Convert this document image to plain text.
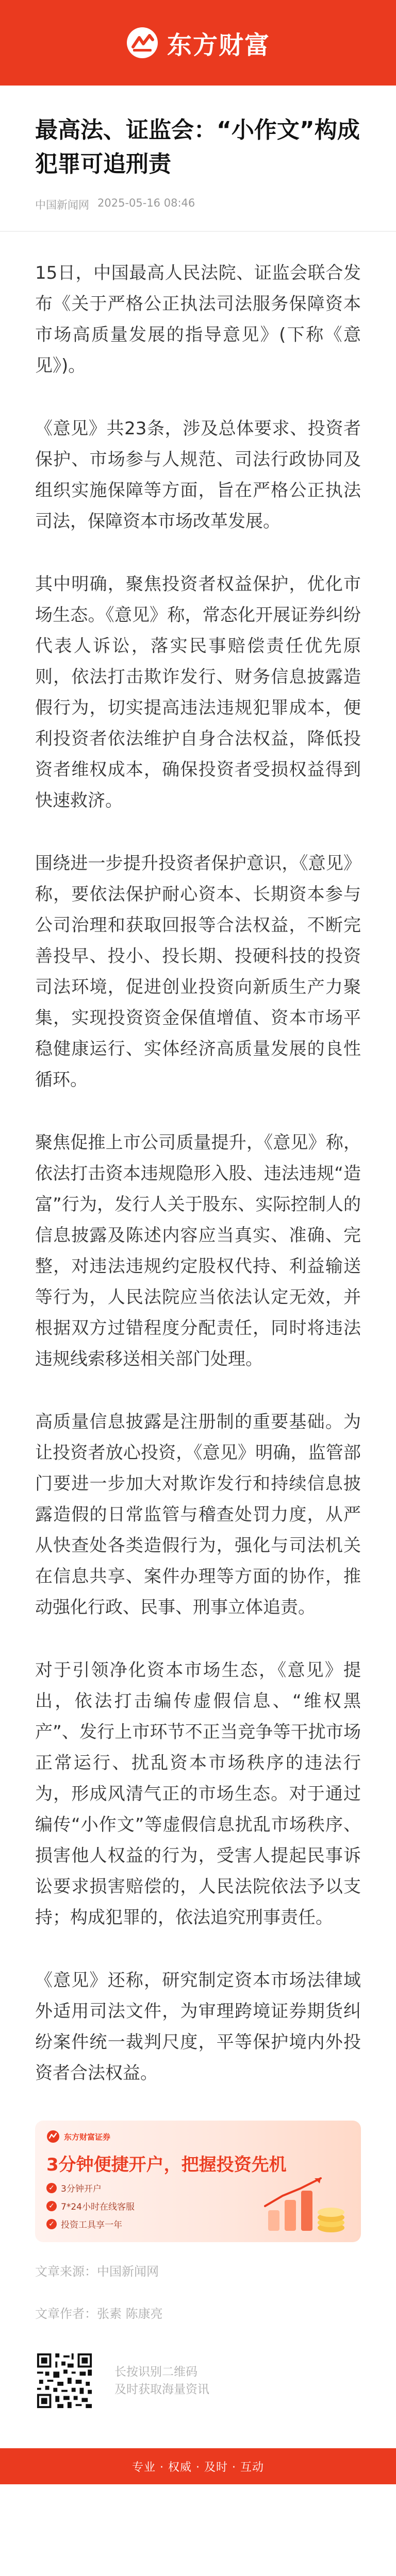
东方财富
最高法、证监会：“小作文”构成犯罪可追刑责
中国新闻网 2025-05-16 08:46

15日，中国最高人民法院、证监会联合发布《关于严格公正执法司法服务保障资本市场高质量发展的指导意见》(下称《意见》)。

《意见》共23条，涉及总体要求、投资者保护、市场参与人规范、司法行政协同及组织实施保障等方面，旨在严格公正执法司法，保障资本市场改革发展。

其中明确，聚焦投资者权益保护，优化市场生态。《意见》称，常态化开展证券纠纷代表人诉讼，落实民事赔偿责任优先原则，依法打击欺诈发行、财务信息披露造假行为，切实提高违法违规犯罪成本，便利投资者依法维护自身合法权益，降低投资者维权成本，确保投资者受损权益得到快速救济。

围绕进一步提升投资者保护意识，《意见》称，要依法保护耐心资本、长期资本参与公司治理和获取回报等合法权益，不断完善投早、投小、投长期、投硬科技的投资司法环境，促进创业投资向新质生产力聚集，实现投资资金保值增值、资本市场平稳健康运行、实体经济高质量发展的良性循环。

聚焦促推上市公司质量提升，《意见》称，依法打击资本违规隐形入股、违法违规“造富”行为，发行人关于股东、实际控制人的信息披露及陈述内容应当真实、准确、完整，对违法违规约定股权代持、利益输送等行为，人民法院应当依法认定无效，并根据双方过错程度分配责任，同时将违法违规线索移送相关部门处理。

高质量信息披露是注册制的重要基础。为让投资者放心投资，《意见》明确，监管部门要进一步加大对欺诈发行和持续信息披露造假的日常监管与稽查处罚力度，从严从快查处各类造假行为，强化与司法机关在信息共享、案件办理等方面的协作，推动强化行政、民事、刑事立体追责。

对于引领净化资本市场生态，《意见》提出，依法打击编传虚假信息、“维权黑产”、发行上市环节不正当竞争等干扰市场正常运行、扰乱资本市场秩序的违法行为，形成风清气正的市场生态。对于通过编传“小作文”等虚假信息扰乱市场秩序、损害他人权益的行为，受害人提起民事诉讼要求损害赔偿的，人民法院依法予以支持；构成犯罪的，依法追究刑事责任。

《意见》还称，研究制定资本市场法律域外适用司法文件，为审理跨境证券期货纠纷案件统一裁判尺度，平等保护境内外投资者合法权益。

东方财富证券
3分钟便捷开户，把握投资先机
✓ 3分钟开户
✓ 7*24小时在线客服
✓ 投资工具享一年
文章来源：中国新闻网
文章作者：张素 陈康亮
长按识别二维码
及时获取海量资讯
专业 · 权威 · 及时 · 互动
